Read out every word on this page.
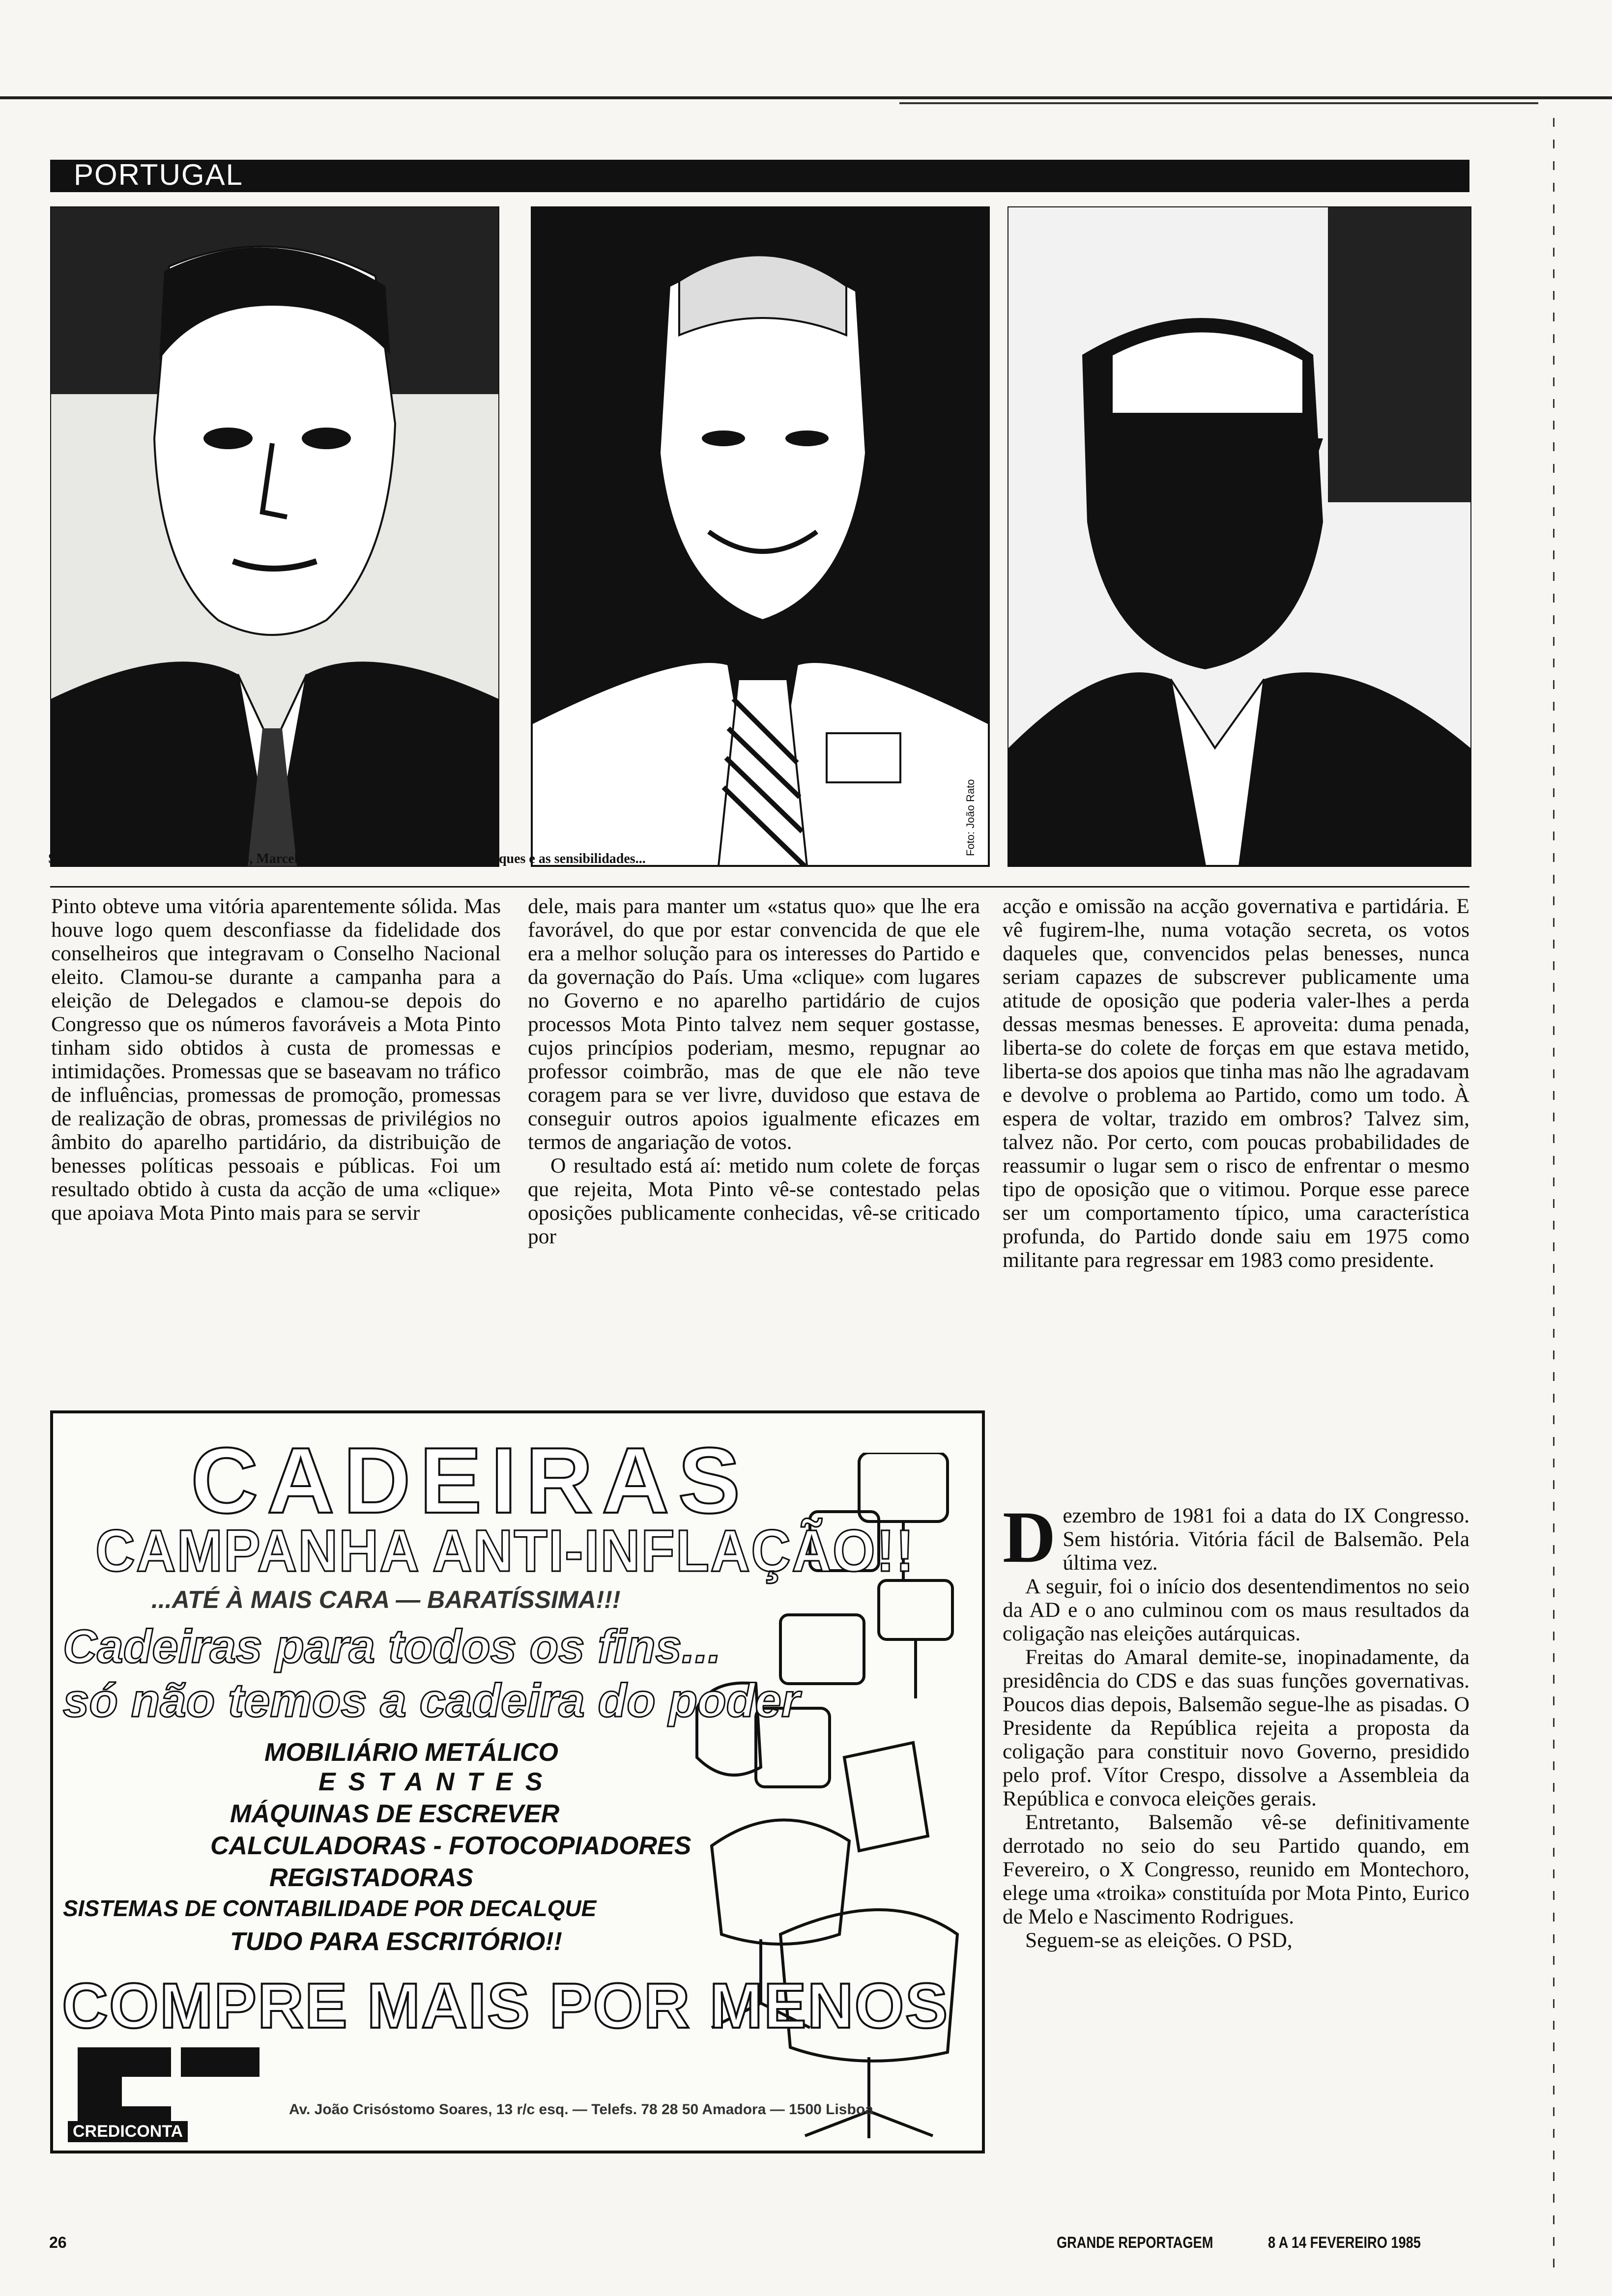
PORTUGAL
Fotos: Luís Carvalho	Foto: João Rato
Salgueiro, Mota Amaral, Capucho, Marcelo, Eugénio Nobre: os barões, as cliques e as sensibilidades...

Pinto obteve uma vitória aparentemente sólida. Mas houve logo quem desconfiasse da fidelidade dos conselheiros que integravam o Conselho Nacional eleito. Clamou-se durante a campanha para a eleição de Delegados e clamou-se depois do Congresso que os números favoráveis a Mota Pinto tinham sido obtidos à custa de promessas e intimidações. Promessas que se baseavam no tráfico de influências, promessas de promoção, promessas de realização de obras, promessas de privilégios no âmbito do aparelho partidário, da distribuição de benesses políticas pessoais e públicas. Foi um resultado obtido à custa da acção de uma «clique» que apoiava Mota Pinto mais para se servir

dele, mais para manter um «status quo» que lhe era favorável, do que por estar convencida de que ele era a melhor solução para os interesses do Partido e da governação do País. Uma «clique» com lugares no Governo e no aparelho partidário de cujos processos Mota Pinto talvez nem sequer gostasse, cujos princípios poderiam, mesmo, repugnar ao professor coimbrão, mas de que ele não teve coragem para se ver livre, duvidoso que estava de conseguir outros apoios igualmente eficazes em termos de angariação de votos.

O resultado está aí: metido num colete de forças que rejeita, Mota Pinto vê-se contestado pelas oposições publicamente conhecidas, vê-se criticado por

acção e omissão na acção governativa e partidária. E vê fugirem-lhe, numa votação secreta, os votos daqueles que, convencidos pelas benesses, nunca seriam capazes de subscrever publicamente uma atitude de oposição que poderia valer-lhes a perda dessas mesmas benesses. E aproveita: duma penada, liberta-se do colete de forças em que estava metido, liberta-se dos apoios que tinha mas não lhe agradavam e devolve o problema ao Partido, como um todo. À espera de voltar, trazido em ombros? Talvez sim, talvez não. Por certo, com poucas probabilidades de reassumir o lugar sem o risco de enfrentar o mesmo tipo de oposição que o vitimou. Porque esse parece ser um comportamento típico, uma característica profunda, do Partido donde saiu em 1975 como militante para regressar em 1983 como presidente.

Dezembro de 1981 foi a data do IX Congresso. Sem história. Vitória fácil de Balsemão. Pela última vez.

A seguir, foi o início dos desentendimentos no seio da AD e o ano culminou com os maus resultados da coligação nas eleições autárquicas.

Freitas do Amaral demite-se, inopinadamente, da presidência do CDS e das suas funções governativas. Poucos dias depois, Balsemão segue-lhe as pisadas. O Presidente da República rejeita a proposta da coligação para constituir novo Governo, presidido pelo prof. Vítor Crespo, dissolve a Assembleia da República e convoca eleições gerais.

Entretanto, Balsemão vê-se definitivamente derrotado no seio do seu Partido quando, em Fevereiro, o X Congresso, reunido em Montechoro, elege uma «troika» constituída por Mota Pinto, Eurico de Melo e Nascimento Rodrigues.

Seguem-se as eleições. O PSD,

CADEIRAS
CAMPANHA ANTI-INFLAÇÃO!!
...ATÉ À MAIS CARA — BARATÍSSIMA!!!
Cadeiras para todos os fins...
só não temos a cadeira do poder
MOBILIÁRIO METÁLICO
ESTANTES
MÁQUINAS DE ESCREVER
CALCULADORAS - FOTOCOPIADORES
REGISTADORAS
SISTEMAS DE CONTABILIDADE POR DECALQUE
TUDO PARA ESCRITÓRIO!!
COMPRE MAIS POR MENOS
CREDICONTA
Av. João Crisóstomo Soares, 13 r/c esq. — Telefs. 78 28 50 Amadora — 1500 Lisboa
26	GRANDE REPORTAGEM	8 A 14 FEVEREIRO 1985
